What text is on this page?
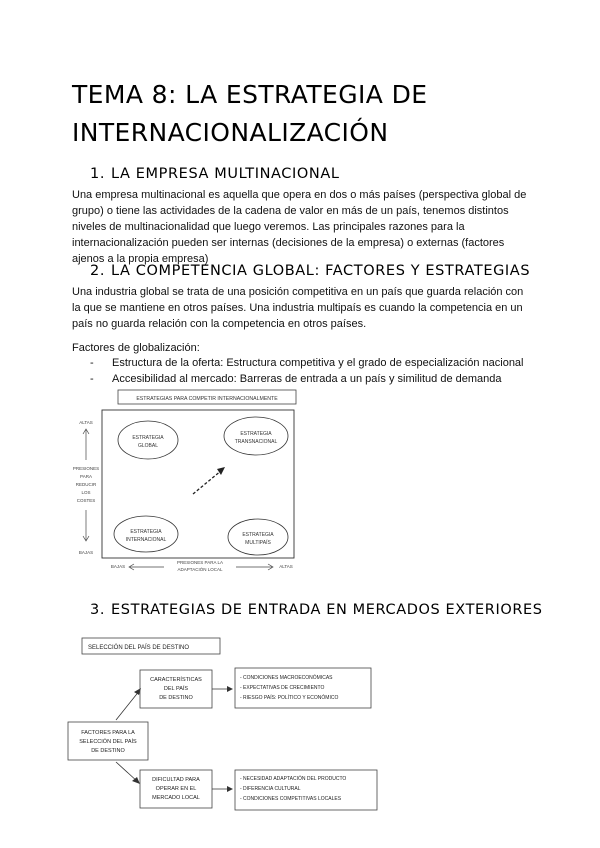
TEMA 8: LA ESTRATEGIA DE
INTERNACIONALIZACIÓN
1. LA EMPRESA MULTINACIONAL
Una empresa multinacional es aquella que opera en dos o más países (perspectiva global de grupo) o tiene las actividades de la cadena de valor en más de un país, tenemos distintos niveles de multinacionalidad que luego veremos. Las principales razones para la internacionalización pueden ser internas (decisiones de la empresa) o externas (factores ajenos a la propia empresa)
2. LA COMPETENCIA GLOBAL: FACTORES Y ESTRATEGIAS
Una industria global se trata de una posición competitiva en un país que guarda relación con la que se mantiene en otros países. Una industria multipaís es cuando la competencia en un país no guarda relación con la competencia en otros países.
Factores de globalización:
- Estructura de la oferta: Estructura competitiva y el grado de especialización nacional
- Accesibilidad al mercado: Barreras de entrada a un país y similitud de demanda
ESTRATEGIAS PARA COMPETIR INTERNACIONALMENTE
ALTAS
BAJAS
PRESIONES
PARA
REDUCIR
LOS
COSTES
ESTRATEGIA
GLOBAL
ESTRATEGIA
TRANSNACIONAL
ESTRATEGIA
INTERNACIONAL
ESTRATEGIA
MULTIPAÍS
BAJAS	ALTAS
PRESIONES PARA LA
ADAPTACIÓN LOCAL
3. ESTRATEGIAS DE ENTRADA EN MERCADOS EXTERIORES
SELECCIÓN DEL PAÍS DE DESTINO
FACTORES PARA LA
SELECCIÓN DEL PAÍS
DE DESTINO
CARACTERÍSTICAS
DEL PAÍS
DE DESTINO
- CONDICIONES MACROECONÓMICAS
- EXPECTATIVAS DE CRECIMIENTO
- RIESGO PAÍS: POLÍTICO Y ECONÓMICO
DIFICULTAD PARA
OPERAR EN EL
MERCADO LOCAL
- NECESIDAD ADAPTACIÓN DEL PRODUCTO
- DIFERENCIA CULTURAL
- CONDICIONES COMPETITIVAS LOCALES
